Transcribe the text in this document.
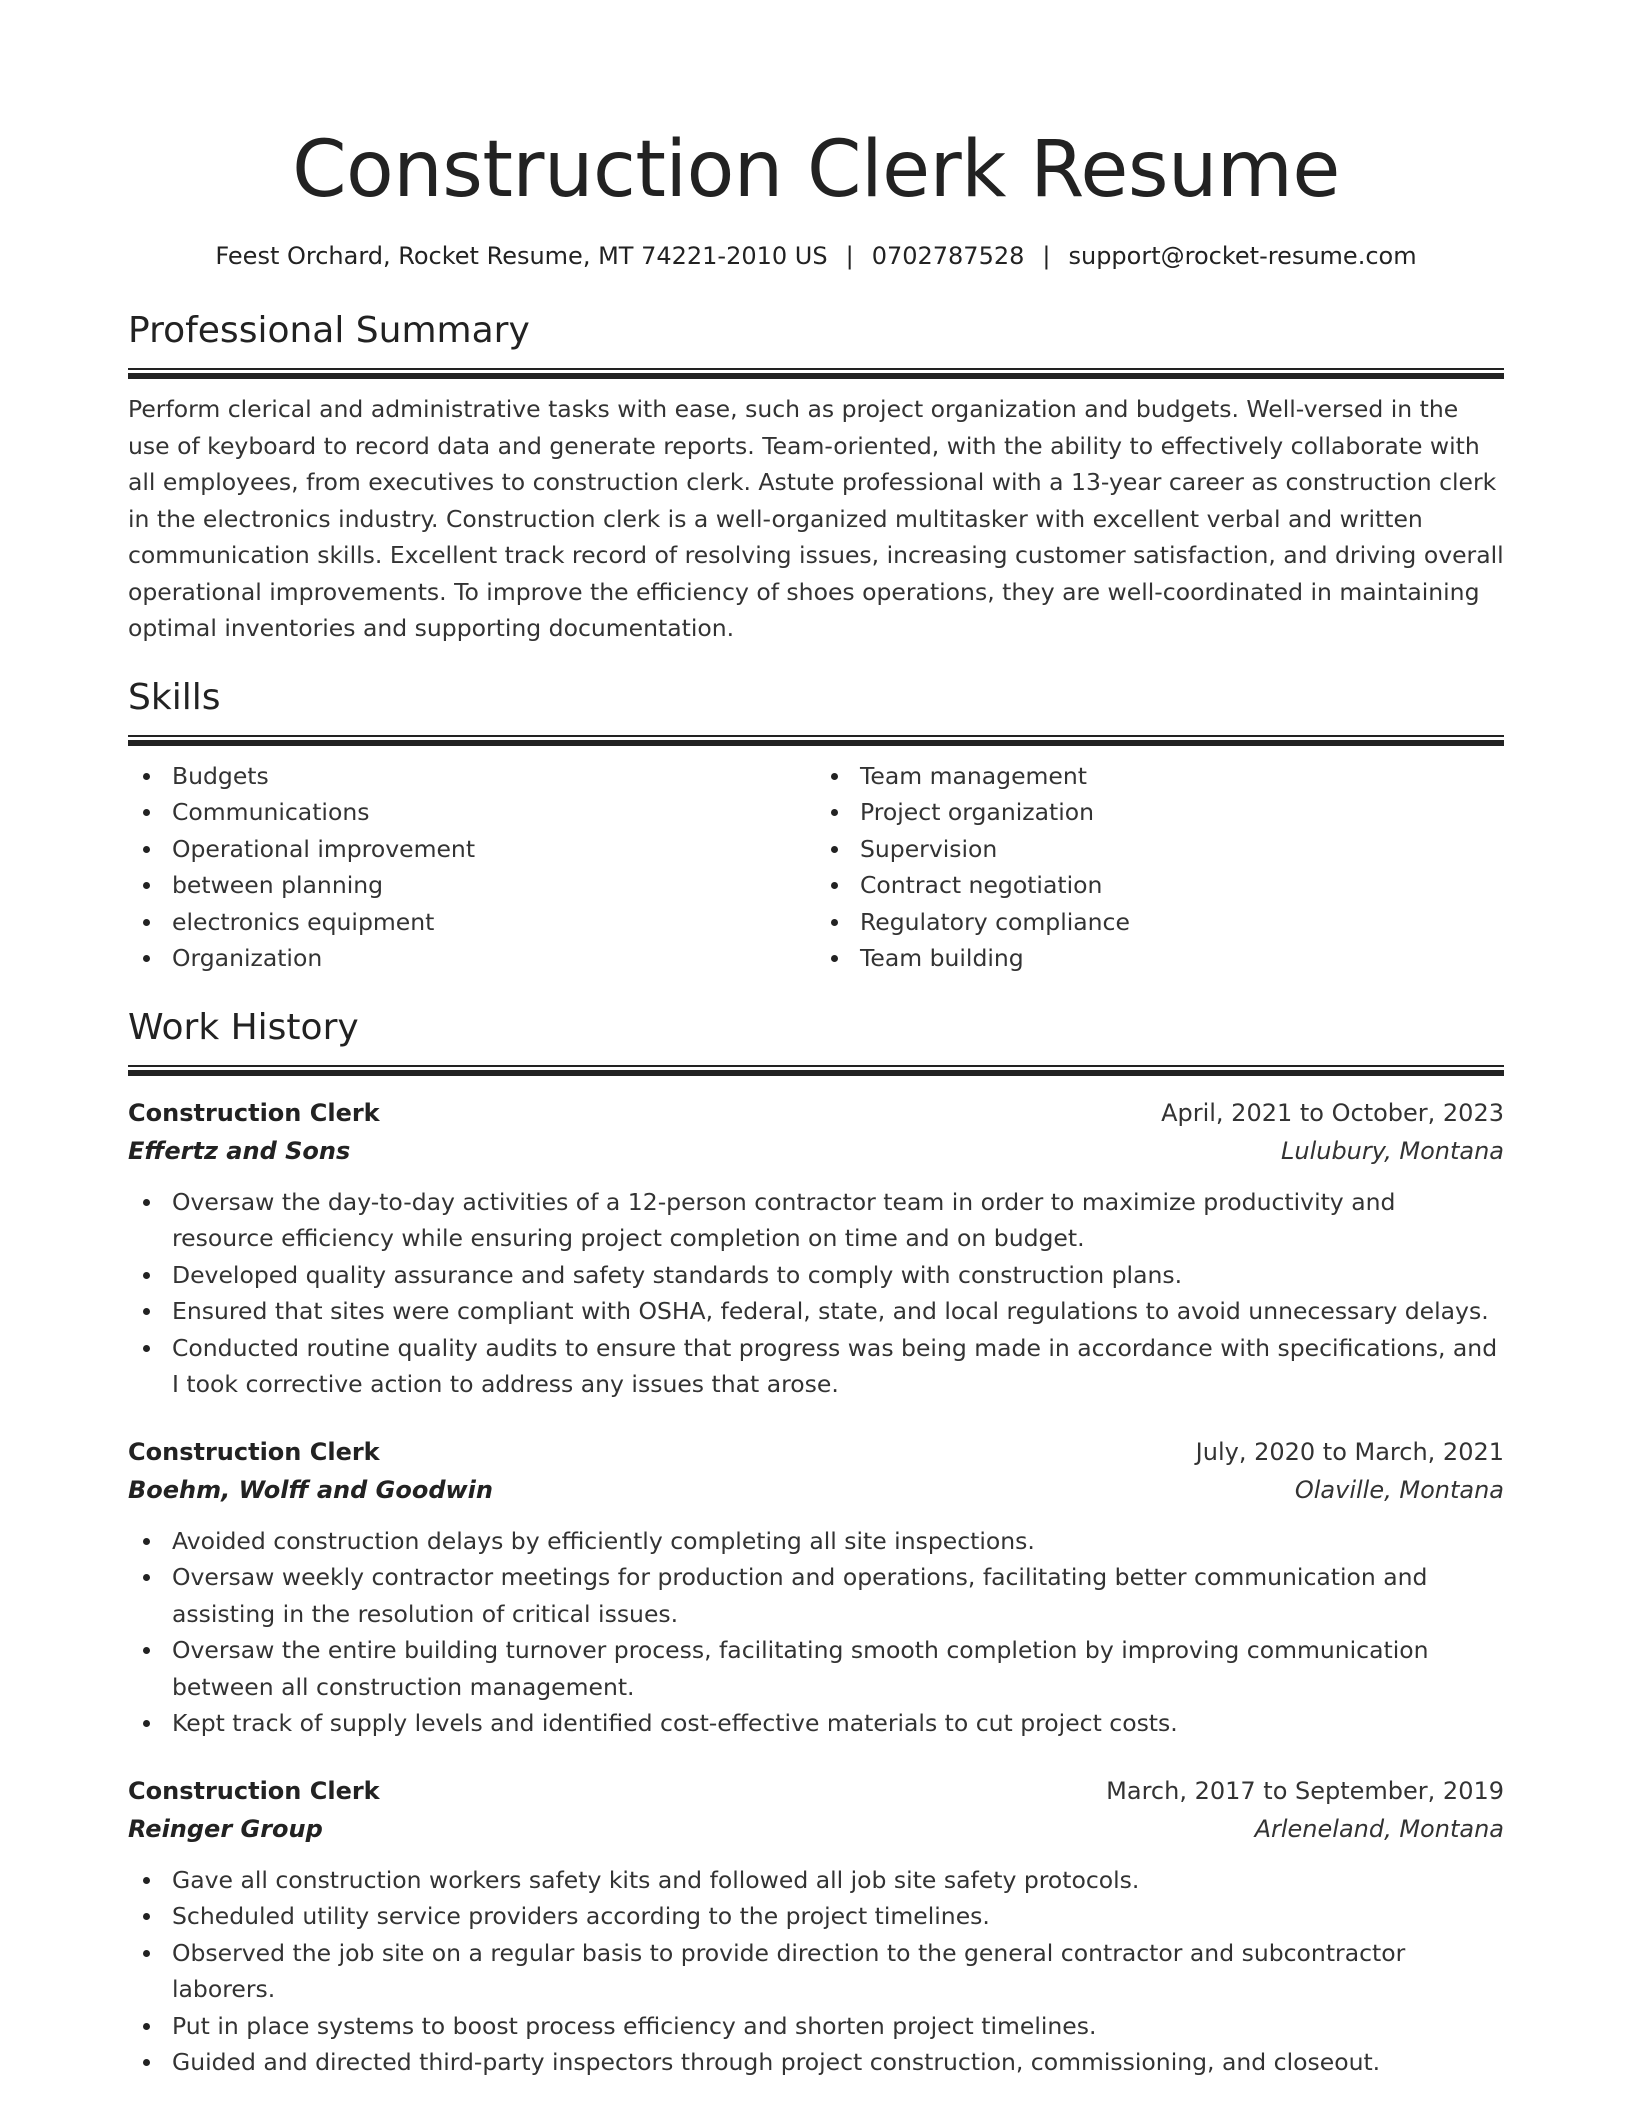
Construction Clerk Resume
Feest Orchard, Rocket Resume, MT 74221-2010 US | 0702787528 | support@rocket-resume.com
Professional Summary
Perform clerical and administrative tasks with ease, such as project organization and budgets. Well-versed in the use of keyboard to record data and generate reports. Team-oriented, with the ability to effectively collaborate with all employees, from executives to construction clerk. Astute professional with a 13-year career as construction clerk in the electronics industry. Construction clerk is a well-organized multitasker with excellent verbal and written communication skills. Excellent track record of resolving issues, increasing customer satisfaction, and driving overall operational improvements. To improve the efficiency of shoes operations, they are well-coordinated in maintaining optimal inventories and supporting documentation.
Skills
Budgets
Communications
Operational improvement
between planning
electronics equipment
Organization
Team management
Project organization
Supervision
Contract negotiation
Regulatory compliance
Team building
Work History
Construction Clerk	April, 2021 to October, 2023
Effertz and Sons	Lulubury, Montana
Oversaw the day-to-day activities of a 12-person contractor team in order to maximize productivity and resource efficiency while ensuring project completion on time and on budget.
Developed quality assurance and safety standards to comply with construction plans.
Ensured that sites were compliant with OSHA, federal, state, and local regulations to avoid unnecessary delays.
Conducted routine quality audits to ensure that progress was being made in accordance with specifications, and I took corrective action to address any issues that arose.
Construction Clerk	July, 2020 to March, 2021
Boehm, Wolff and Goodwin	Olaville, Montana
Avoided construction delays by efficiently completing all site inspections.
Oversaw weekly contractor meetings for production and operations, facilitating better communication and assisting in the resolution of critical issues.
Oversaw the entire building turnover process, facilitating smooth completion by improving communication between all construction management.
Kept track of supply levels and identified cost-effective materials to cut project costs.
Construction Clerk	March, 2017 to September, 2019
Reinger Group	Arleneland, Montana
Gave all construction workers safety kits and followed all job site safety protocols.
Scheduled utility service providers according to the project timelines.
Observed the job site on a regular basis to provide direction to the general contractor and subcontractor laborers.
Put in place systems to boost process efficiency and shorten project timelines.
Guided and directed third-party inspectors through project construction, commissioning, and closeout.
